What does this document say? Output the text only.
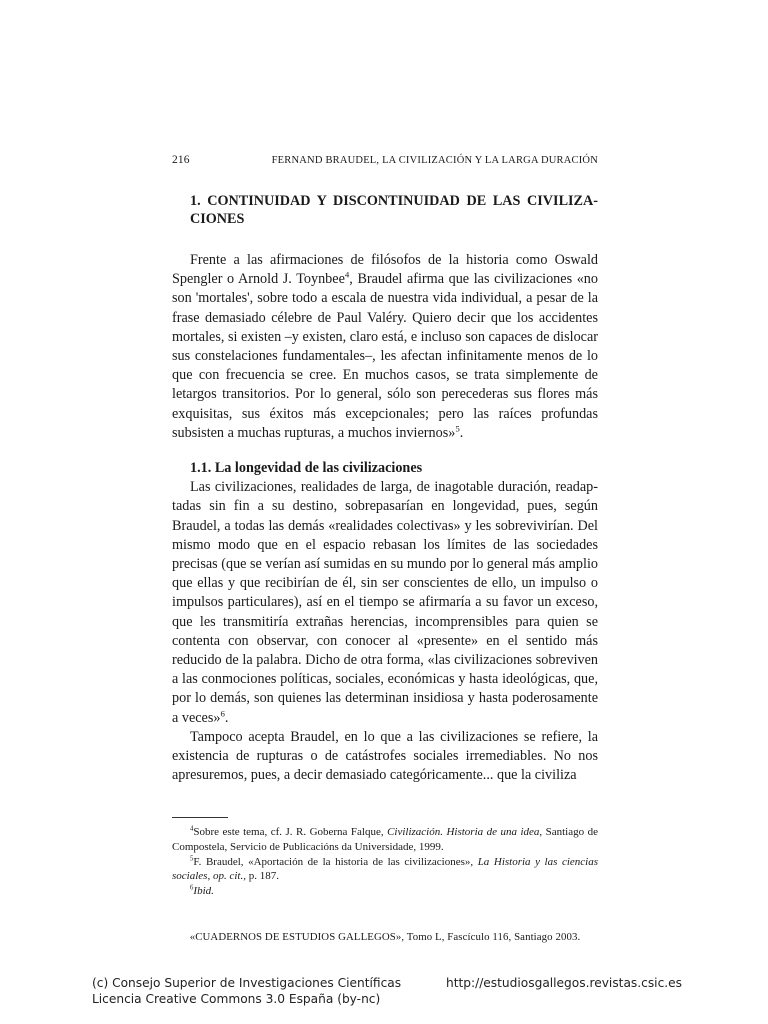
216	FERNAND BRAUDEL, LA CIVILIZACIÓN Y LA LARGA DURACIÓN

1. CONTINUIDAD Y DISCONTINUIDAD DE LAS CIVILIZACIONES

Frente a las afirmaciones de filósofos de la historia como Oswald Spengler o Arnold J. Toynbee$^4$, Braudel afirma que las civilizaciones «no son 'mortales', sobre todo a escala de nuestra vida individual, a pesar de la frase demasiado célebre de Paul Valéry. Quiero decir que los accidentes mortales, si existen –y existen, claro está, e incluso son capaces de dislocar sus constelaciones fundamentales–, les afectan infinitamente menos de lo que con frecuencia se cree. En muchos casos, se trata simplemente de letargos transitorios. Por lo general, sólo son perecederas sus flores más exquisitas, sus éxitos más excepcionales; pero las raíces profundas subsisten a muchas rupturas, a muchos inviernos»$^5$.

1.1. La longevidad de las civilizaciones

Las civilizaciones, realidades de larga, de inagotable duración, readaptadas sin fin a su destino, sobrepasarían en longevidad, pues, según Braudel, a todas las demás «realidades colectivas» y les sobrevivirían. Del mismo modo que en el espacio rebasan los límites de las sociedades precisas (que se verían así sumidas en su mundo por lo general más amplio que ellas y que recibirían de él, sin ser conscientes de ello, un impulso o impulsos particulares), así en el tiempo se afirmaría a su favor un exceso, que les transmitiría extrañas herencias, incomprensibles para quien se contenta con observar, con conocer al «presente» en el sentido más reducido de la palabra. Dicho de otra forma, «las civilizaciones sobreviven a las conmociones políticas, sociales, económicas y hasta ideológicas, que, por lo demás, son quienes las determinan insidiosa y hasta poderosamente a veces»$^6$.

Tampoco acepta Braudel, en lo que a las civilizaciones se refiere, la existencia de rupturas o de catástrofes sociales irremediables. No nos apresuremos, pues, a decir demasiado categóricamente... que la civiliza

$^4$Sobre este tema, cf. J. R. Goberna Falque, Civilización. Historia de una idea, Santiago de Compostela, Servicio de Publicacións da Universidade, 1999.

$^5$F. Braudel, «Aportación de la historia de las civilizaciones», La Historia y las ciencias sociales, op. cit., p. 187.

$^6$Ibid.

«CUADERNOS DE ESTUDIOS GALLEGOS», Tomo L, Fascículo 116, Santiago 2003.
(c) Consejo Superior de Investigaciones Científicas
Licencia Creative Commons 3.0 España (by-nc)
http://estudiosgallegos.revistas.csic.es
